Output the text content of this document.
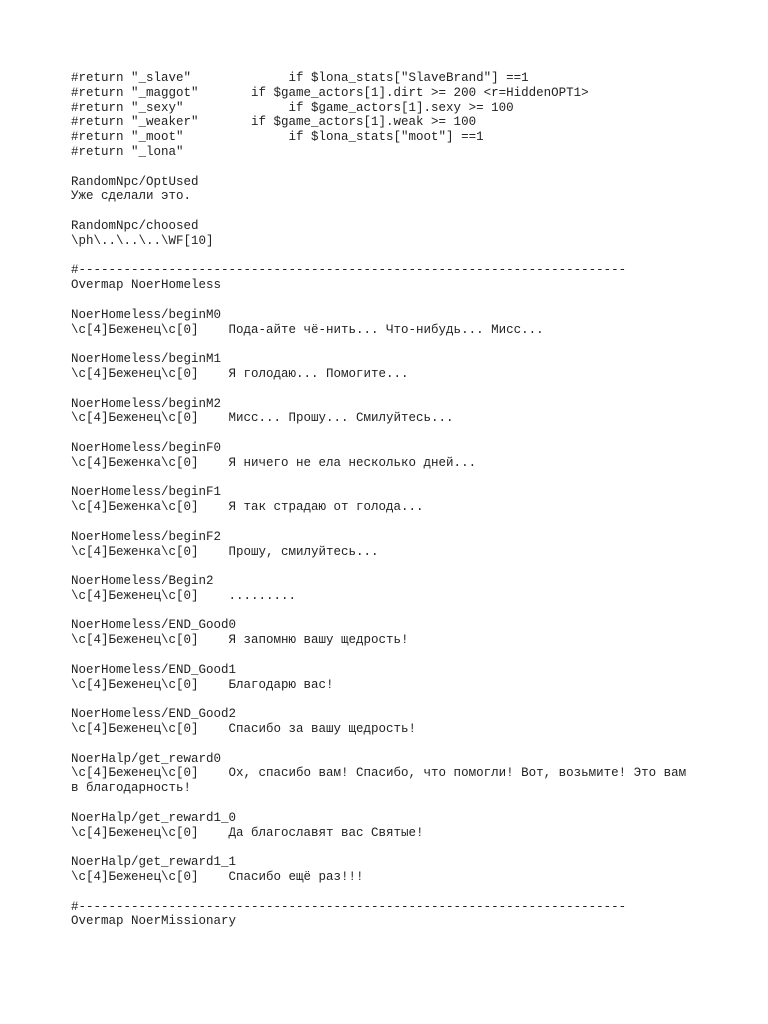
#return "_slave"             if $lona_stats["SlaveBrand"] ==1
#return "_maggot"       if $game_actors[1].dirt >= 200 <r=HiddenOPT1>
#return "_sexy"              if $game_actors[1].sexy >= 100
#return "_weaker"       if $game_actors[1].weak >= 100
#return "_moot"              if $lona_stats["moot"] ==1
#return "_lona"
RandomNpc/OptUsed
Уже сделали это.
RandomNpc/choosed
\ph\..\..\..\WF[10]
#-------------------------------------------------------------------------
Overmap NoerHomeless
NoerHomeless/beginM0
\c[4]Беженец\c[0]    Пода-айте чё-нить... Что-нибудь... Мисс...
NoerHomeless/beginM1
\c[4]Беженец\c[0]    Я голодаю... Помогите...
NoerHomeless/beginM2
\c[4]Беженец\c[0]    Мисс... Прошу... Смилуйтесь...
NoerHomeless/beginF0
\c[4]Беженка\c[0]    Я ничего не ела несколько дней...
NoerHomeless/beginF1
\c[4]Беженка\c[0]    Я так страдаю от голода...
NoerHomeless/beginF2
\c[4]Беженка\c[0]    Прошу, смилуйтесь...
NoerHomeless/Begin2
\c[4]Беженец\c[0]    .........
NoerHomeless/END_Good0
\c[4]Беженец\c[0]    Я запомню вашу щедрость!
NoerHomeless/END_Good1
\c[4]Беженец\c[0]    Благодарю вас!
NoerHomeless/END_Good2
\c[4]Беженец\c[0]    Спасибо за вашу щедрость!
NoerHalp/get_reward0
\c[4]Беженец\c[0]    Ох, спасибо вам! Спасибо, что помогли! Вот, возьмите! Это вам
в благодарность!
NoerHalp/get_reward1_0
\c[4]Беженец\c[0]    Да благославят вас Святые!
NoerHalp/get_reward1_1
\c[4]Беженец\c[0]    Спасибо ещё раз!!!
#-------------------------------------------------------------------------
Overmap NoerMissionary
